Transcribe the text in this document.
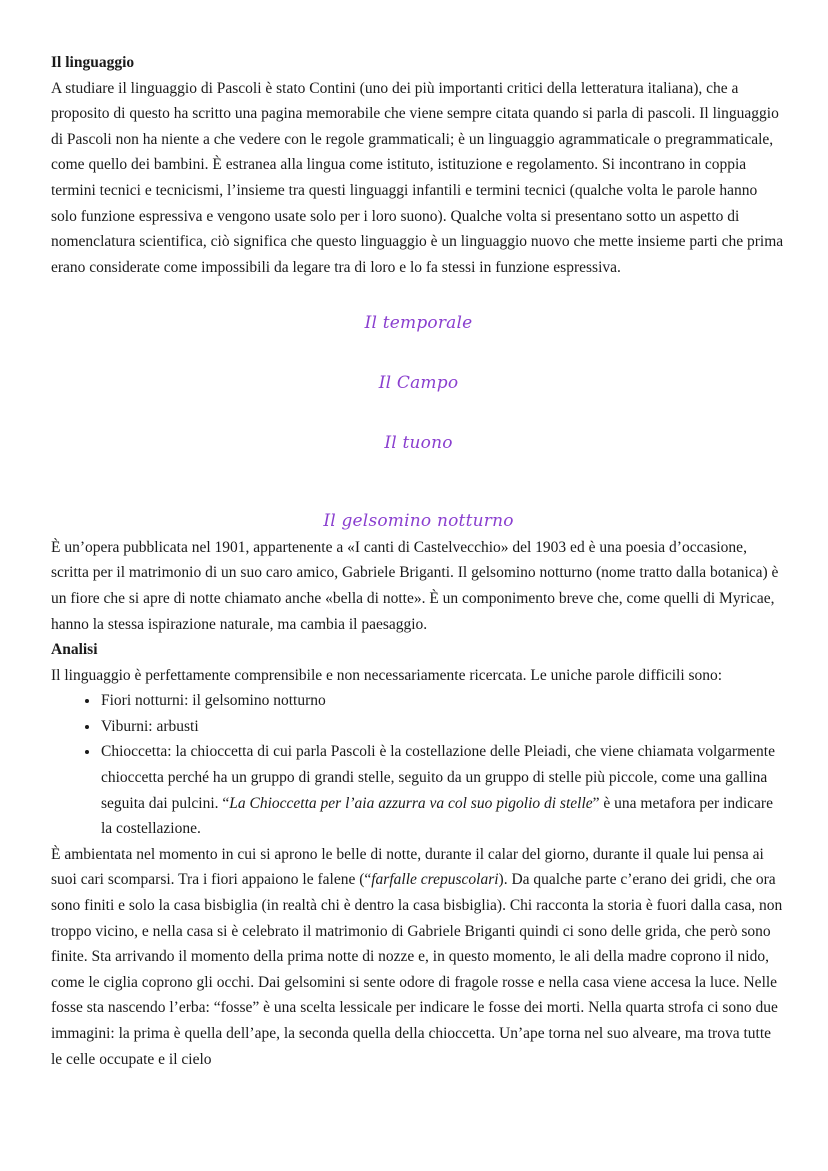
Il linguaggio

A studiare il linguaggio di Pascoli è stato Contini (uno dei più importanti critici della letteratura italiana), che a proposito di questo ha scritto una pagina memorabile che viene sempre citata quando si parla di pascoli. Il linguaggio di Pascoli non ha niente a che vedere con le regole grammaticali; è un linguaggio agrammaticale o pregrammaticale, come quello dei bambini. È estranea alla lingua come istituto, istituzione e regolamento. Si incontrano in coppia termini tecnici e tecnicismi, l’insieme tra questi linguaggi infantili e termini tecnici (qualche volta le parole hanno solo funzione espressiva e vengono usate solo per i loro suono). Qualche volta si presentano sotto un aspetto di nomenclatura scientifica, ciò significa che questo linguaggio è un linguaggio nuovo che mette insieme parti che prima erano considerate come impossibili da legare tra di loro e lo fa stessi in funzione espressiva.

Il temporale

Il Campo

Il tuono

Il gelsomino notturno

È un’opera pubblicata nel 1901, appartenente a «I canti di Castelvecchio» del 1903 ed è una poesia d’occasione, scritta per il matrimonio di un suo caro amico, Gabriele Briganti. Il gelsomino notturno (nome tratto dalla botanica) è un fiore che si apre di notte chiamato anche «bella di notte». È un componimento breve che, come quelli di Myricae, hanno la stessa ispirazione naturale, ma cambia il paesaggio.

Analisi

Il linguaggio è perfettamente comprensibile e non necessariamente ricercata. Le uniche parole difficili sono:

• Fiori notturni: il gelsomino notturno
• Viburni: arbusti
• Chioccetta: la chioccetta di cui parla Pascoli è la costellazione delle Pleiadi, che viene chiamata volgarmente chioccetta perché ha un gruppo di grandi stelle, seguito da un gruppo di stelle più piccole, come una gallina seguita dai pulcini. “La Chioccetta per l’aia azzurra va col suo pigolio di stelle” è una metafora per indicare la costellazione.

È ambientata nel momento in cui si aprono le belle di notte, durante il calar del giorno, durante il quale lui pensa ai suoi cari scomparsi. Tra i fiori appaiono le falene (“farfalle crepuscolari). Da qualche parte c’erano dei gridi, che ora sono finiti e solo la casa bisbiglia (in realtà chi è dentro la casa bisbiglia). Chi racconta la storia è fuori dalla casa, non troppo vicino, e nella casa si è celebrato il matrimonio di Gabriele Briganti quindi ci sono delle grida, che però sono finite. Sta arrivando il momento della prima notte di nozze e, in questo momento, le ali della madre coprono il nido, come le ciglia coprono gli occhi. Dai gelsomini si sente odore di fragole rosse e nella casa viene accesa la luce. Nelle fosse sta nascendo l’erba: “fosse” è una scelta lessicale per indicare le fosse dei morti. Nella quarta strofa ci sono due immagini: la prima è quella dell’ape, la seconda quella della chioccetta. Un’ape torna nel suo alveare, ma trova tutte le celle occupate e il cielo
